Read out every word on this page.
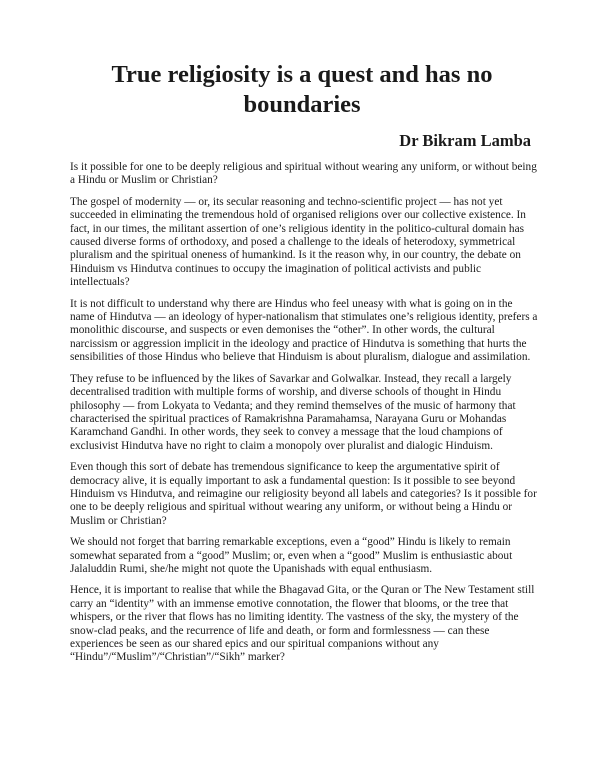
True religiosity is a quest and has no boundaries
Dr Bikram Lamba

Is it possible for one to be deeply religious and spiritual without wearing any uniform, or without being a Hindu or Muslim or Christian?

The gospel of modernity — or, its secular reasoning and techno-scientific project — has not yet succeeded in eliminating the tremendous hold of organised religions over our collective existence. In fact, in our times, the militant assertion of one’s religious identity in the politico-cultural domain has caused diverse forms of orthodoxy, and posed a challenge to the ideals of heterodoxy, symmetrical pluralism and the spiritual oneness of humankind. Is it the reason why, in our country, the debate on Hinduism vs Hindutva continues to occupy the imagination of political activists and public intellectuals?

It is not difficult to understand why there are Hindus who feel uneasy with what is going on in the name of Hindutva — an ideology of hyper-nationalism that stimulates one’s religious identity, prefers a monolithic discourse, and suspects or even demonises the “other”. In other words, the cultural narcissism or aggression implicit in the ideology and practice of Hindutva is something that hurts the sensibilities of those Hindus who believe that Hinduism is about pluralism, dialogue and assimilation.

They refuse to be influenced by the likes of Savarkar and Golwalkar. Instead, they recall a largely decentralised tradition with multiple forms of worship, and diverse schools of thought in Hindu philosophy — from Lokyata to Vedanta; and they remind themselves of the music of harmony that characterised the spiritual practices of Ramakrishna Paramahamsa, Narayana Guru or Mohandas Karamchand Gandhi. In other words, they seek to convey a message that the loud champions of exclusivist Hindutva have no right to claim a monopoly over pluralist and dialogic Hinduism.

Even though this sort of debate has tremendous significance to keep the argumentative spirit of democracy alive, it is equally important to ask a fundamental question: Is it possible to see beyond Hinduism vs Hindutva, and reimagine our religiosity beyond all labels and categories? Is it possible for one to be deeply religious and spiritual without wearing any uniform, or without being a Hindu or Muslim or Christian?

We should not forget that barring remarkable exceptions, even a “good” Hindu is likely to remain somewhat separated from a “good” Muslim; or, even when a “good” Muslim is enthusiastic about Jalaluddin Rumi, she/he might not quote the Upanishads with equal enthusiasm.

Hence, it is important to realise that while the Bhagavad Gita, or the Quran or The New Testament still carry an “identity” with an immense emotive connotation, the flower that blooms, or the tree that whispers, or the river that flows has no limiting identity. The vastness of the sky, the mystery of the snow-clad peaks, and the recurrence of life and death, or form and formlessness — can these experiences be seen as our shared epics and our spiritual companions without any “Hindu”/“Muslim”/“Christian”/“Sikh” marker?
